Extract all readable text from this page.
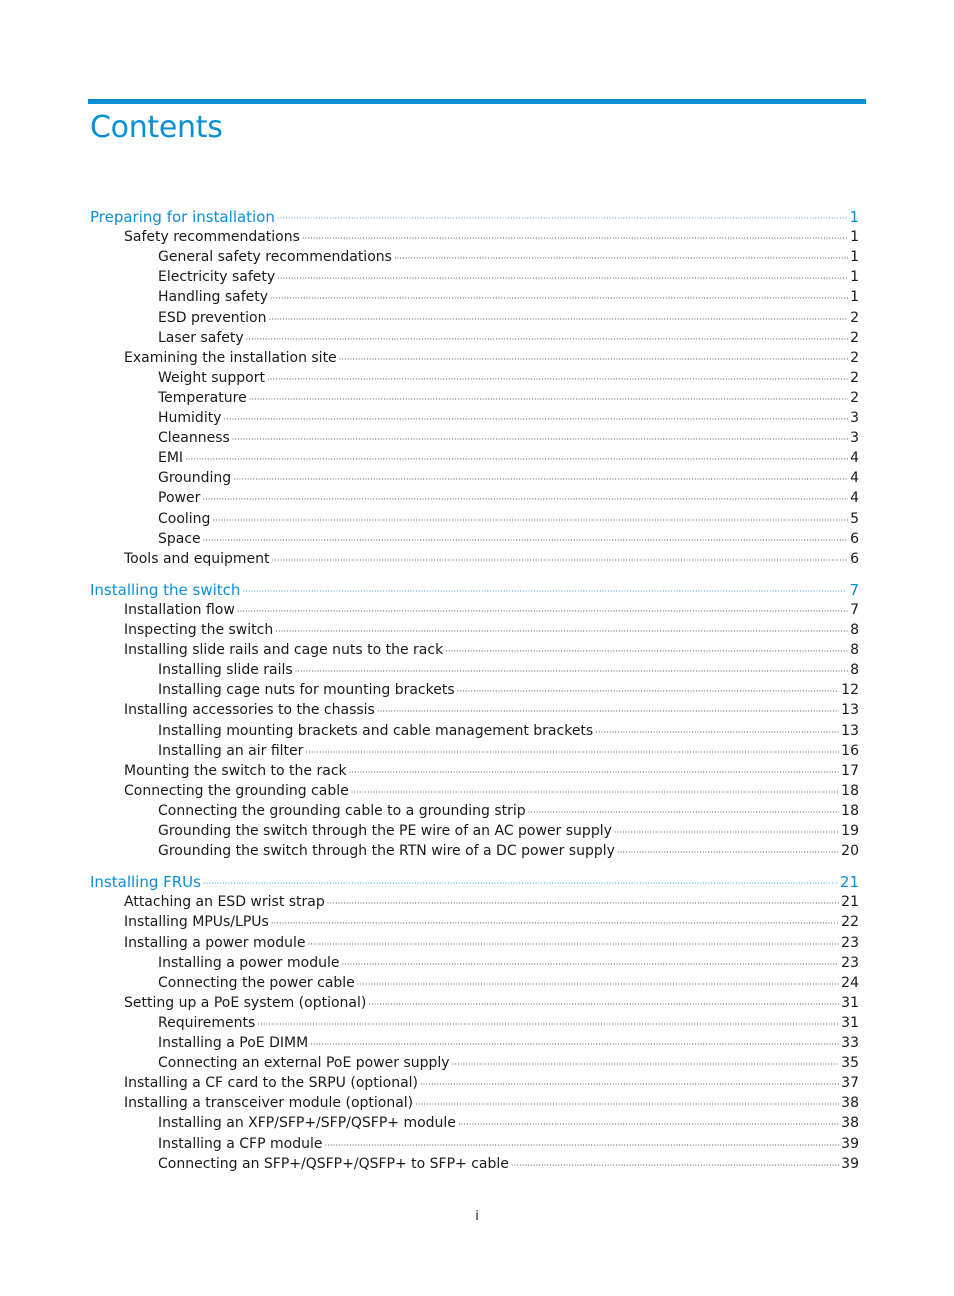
Contents
Preparing for installation ·····	1
Safety recommendations ·····	1
General safety recommendations ·····	1
Electricity safety ·····	1
Handling safety ·····	1
ESD prevention ·····	2
Laser safety ·····	2
Examining the installation site ·····	2
Weight support ·····	2
Temperature ·····	2
Humidity ·····	3
Cleanness ·····	3
EMI ·····	4
Grounding ·····	4
Power ·····	4
Cooling ·····	5
Space ·····	6
Tools and equipment ·····	6
Installing the switch ·····	7
Installation flow ·····	7
Inspecting the switch ·····	8
Installing slide rails and cage nuts to the rack ·····	8
Installing slide rails ·····	8
Installing cage nuts for mounting brackets ·····	12
Installing accessories to the chassis ·····	13
Installing mounting brackets and cable management brackets ·····	13
Installing an air filter ·····	16
Mounting the switch to the rack ·····	17
Connecting the grounding cable ·····	18
Connecting the grounding cable to a grounding strip ·····	18
Grounding the switch through the PE wire of an AC power supply ·····	19
Grounding the switch through the RTN wire of a DC power supply ·····	20
Installing FRUs ·····	21
Attaching an ESD wrist strap ·····	21
Installing MPUs/LPUs ·····	22
Installing a power module ·····	23
Installing a power module ·····	23
Connecting the power cable ·····	24
Setting up a PoE system (optional) ·····	31
Requirements ·····	31
Installing a PoE DIMM ·····	33
Connecting an external PoE power supply ·····	35
Installing a CF card to the SRPU (optional) ·····	37
Installing a transceiver module (optional) ·····	38
Installing an XFP/SFP+/SFP/QSFP+ module ·····	38
Installing a CFP module ·····	39
Connecting an SFP+/QSFP+/QSFP+ to SFP+ cable ·····	39
i
